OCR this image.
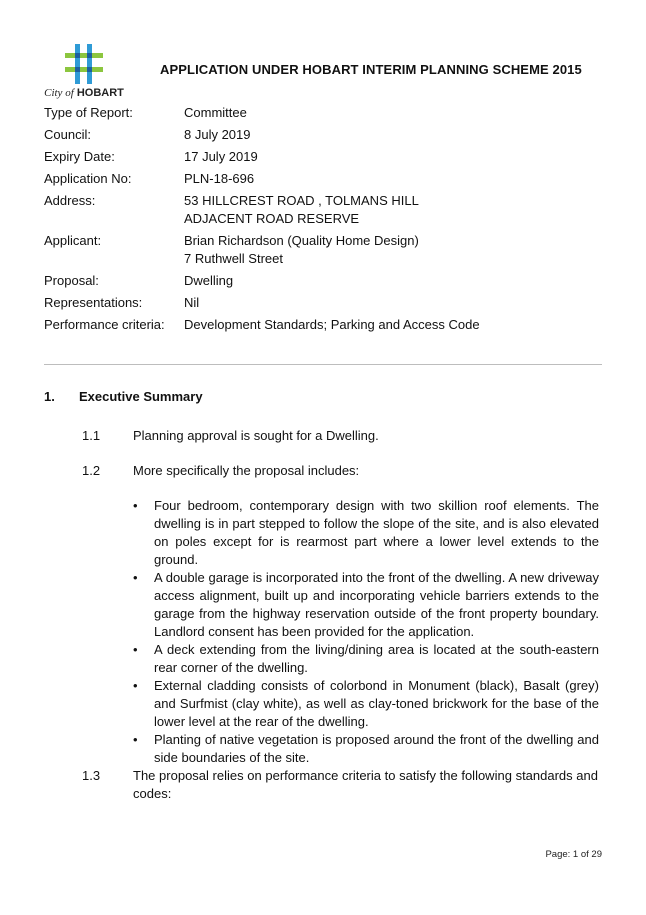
City of HOBART
APPLICATION UNDER HOBART INTERIM PLANNING SCHEME 2015
Type of Report:	Committee
Council:	8 July 2019
Expiry Date:	17 July 2019
Application No:	PLN-18-696
Address:	53 HILLCREST ROAD , TOLMANS HILL
ADJACENT ROAD RESERVE
Applicant:	Brian Richardson (Quality Home Design)
7 Ruthwell Street
Proposal:	Dwelling
Representations:	Nil
Performance criteria:	Development Standards; Parking and Access Code
1.	Executive Summary
1.1	Planning approval is sought for a Dwelling.
1.2	More specifically the proposal includes:
• Four bedroom, contemporary design with two skillion roof elements. The dwelling is in part stepped to follow the slope of the site, and is also elevated on poles except for is rearmost part where a lower level extends to the ground.
• A double garage is incorporated into the front of the dwelling. A new driveway access alignment, built up and incorporating vehicle barriers extends to the garage from the highway reservation outside of the front property boundary. Landlord consent has been provided for the application.
• A deck extending from the living/dining area is located at the south-eastern rear corner of the dwelling.
• External cladding consists of colorbond in Monument (black), Basalt (grey) and Surfmist (clay white), as well as clay-toned brickwork for the base of the lower level at the rear of the dwelling.
• Planting of native vegetation is proposed around the front of the dwelling and side boundaries of the site.
1.3	The proposal relies on performance criteria to satisfy the following standards and codes:
Page: 1 of 29
